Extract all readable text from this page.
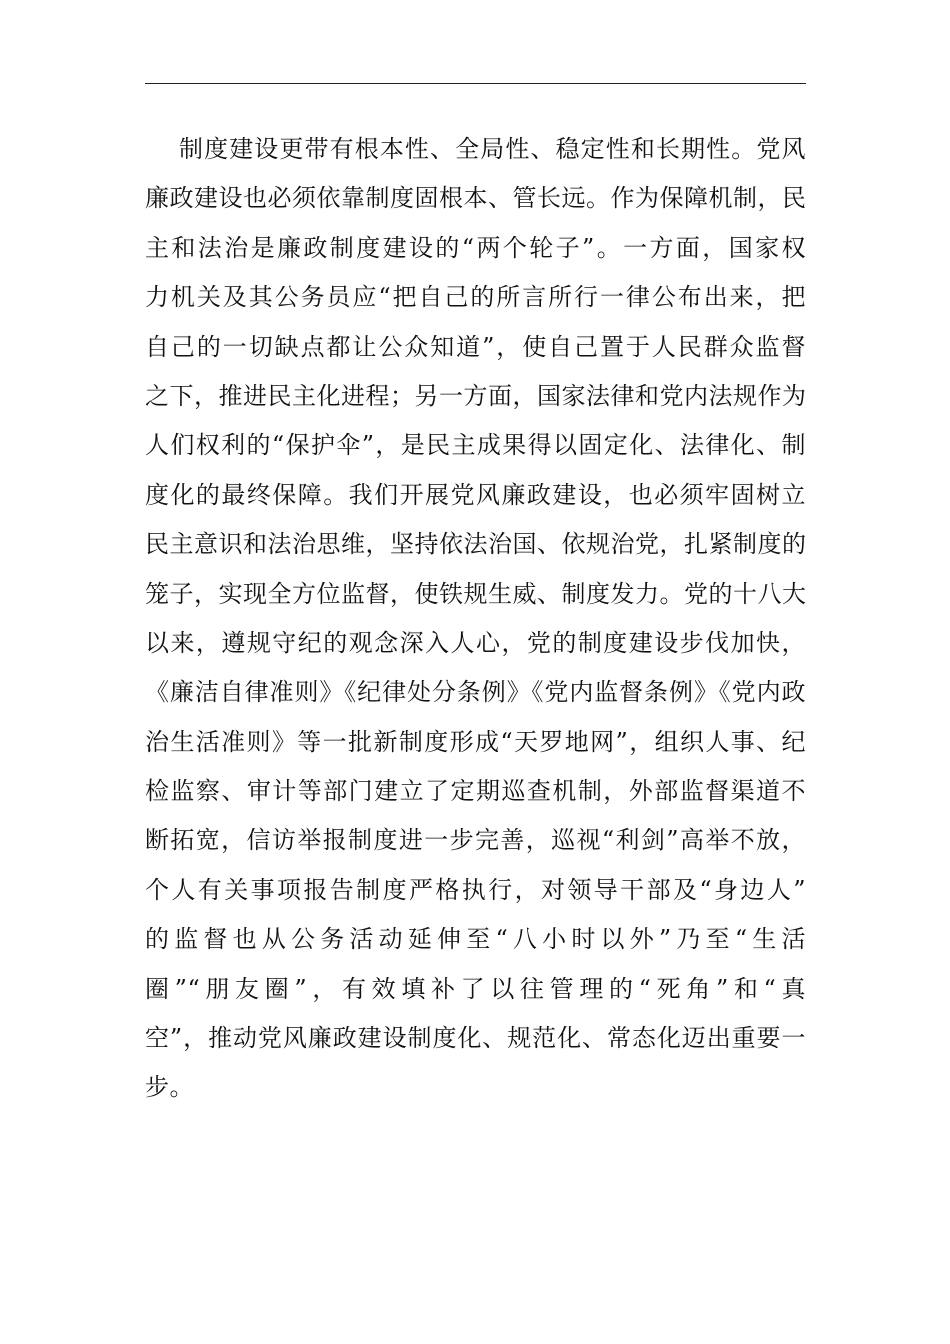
制度建设更带有根本性、全局性、稳定性和长期性。党风
廉政建设也必须依靠制度固根本、管长远。作为保障机制，民
主和法治是廉政制度建设的“两个轮子”。一方面，国家权
力机关及其公务员应“把自己的所言所行一律公布出来，把
自己的一切缺点都让公众知道”，使自己置于人民群众监督
之下，推进民主化进程；另一方面，国家法律和党内法规作为
人们权利的“保护伞”，是民主成果得以固定化、法律化、制
度化的最终保障。我们开展党风廉政建设，也必须牢固树立
民主意识和法治思维，坚持依法治国、依规治党，扎紧制度的
笼子，实现全方位监督，使铁规生威、制度发力。党的十八大
以来，遵规守纪的观念深入人心，党的制度建设步伐加快，
《廉洁自律准则》《纪律处分条例》《党内监督条例》《党内政
治生活准则》等一批新制度形成“天罗地网”，组织人事、纪
检监察、审计等部门建立了定期巡查机制，外部监督渠道不
断拓宽，信访举报制度进一步完善，巡视“利剑”高举不放，
个人有关事项报告制度严格执行，对领导干部及“身边人”
的监督也从公务活动延伸至“八小时以外”乃至“生活
圈”“朋友圈”，有效填补了以往管理的“死角”和“真
空”，推动党风廉政建设制度化、规范化、常态化迈出重要一
步。
